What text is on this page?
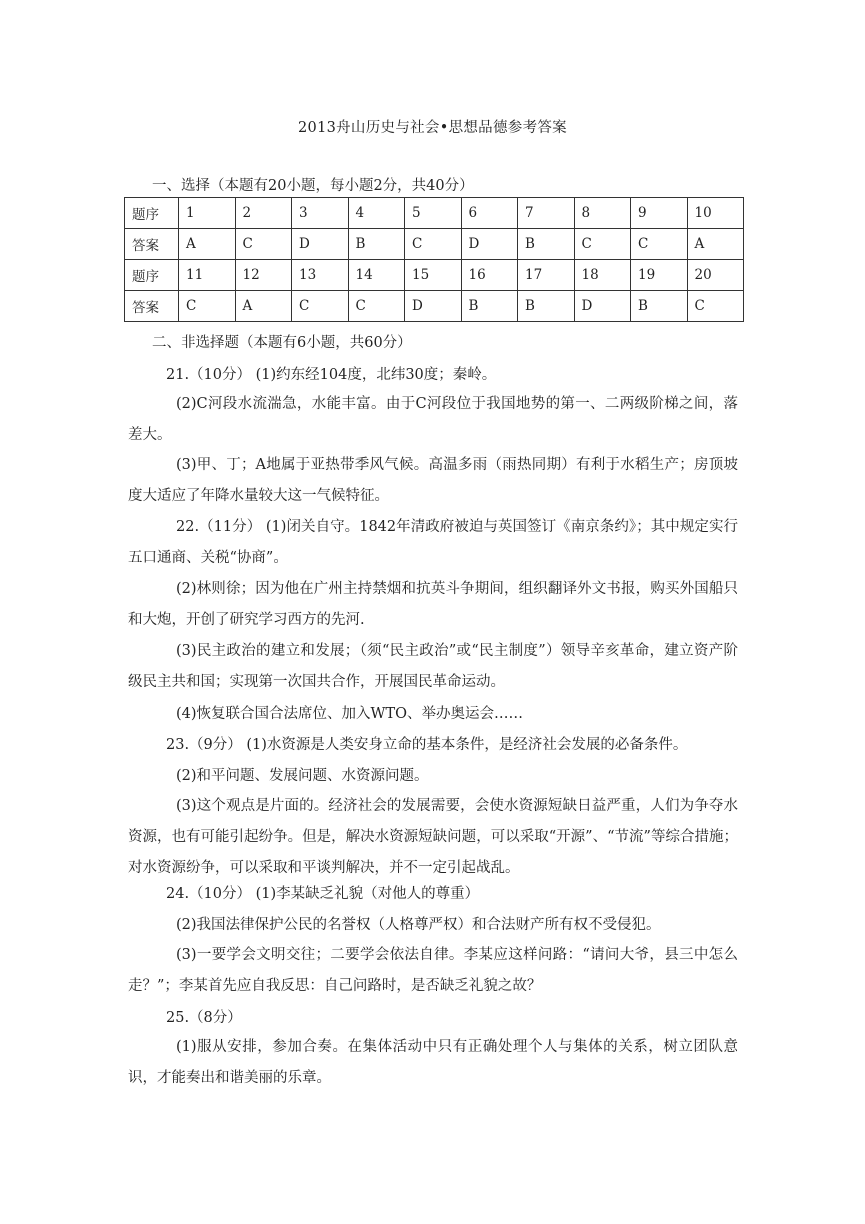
2013舟山历史与社会•思想品德参考答案
一、选择（本题有20小题，每小题2分，共40分）
题序	1	2	3	4	5	6	7	8	9	10
答案	A	C	D	B	C	D	B	C	C	A
题序	11	12	13	14	15	16	17	18	19	20
答案	C	A	C	C	D	B	B	D	B	C
二、非选择题（本题有6小题，共60分）
21.（10分） (1)约东经104度，北纬30度；秦岭。
(2)C河段水流湍急，水能丰富。由于C河段位于我国地势的第一、二两级阶梯之间，落差大。
(3)甲、丁；A地属于亚热带季风气候。高温多雨（雨热同期）有利于水稻生产；房顶坡度大适应了年降水量较大这一气候特征。
22.（11分） (1)闭关自守。1842年清政府被迫与英国签订《南京条约》；其中规定实行五口通商、关税“协商”。
(2)林则徐；因为他在广州主持禁烟和抗英斗争期间，组织翻译外文书报，购买外国船只和大炮，开创了研究学习西方的先河.
(3)民主政治的建立和发展；（须“民主政治”或“民主制度”）领导辛亥革命，建立资产阶级民主共和国；实现第一次国共合作，开展国民革命运动。
(4)恢复联合国合法席位、加入WTO、举办奥运会……
23.（9分） (1)水资源是人类安身立命的基本条件，是经济社会发展的必备条件。
(2)和平问题、发展问题、水资源问题。
(3)这个观点是片面的。经济社会的发展需要，会使水资源短缺日益严重，人们为争夺水资源，也有可能引起纷争。但是，解决水资源短缺问题，可以采取“开源”、“节流”等综合措施；对水资源纷争，可以采取和平谈判解决，并不一定引起战乱。
24.（10分） (1)李某缺乏礼貌（对他人的尊重）
(2)我国法律保护公民的名誉权（人格尊严权）和合法财产所有权不受侵犯。
(3)一要学会文明交往；二要学会依法自律。李某应这样问路：“请问大爷，县三中怎么走？”；李某首先应自我反思：自己问路时，是否缺乏礼貌之故？
25.（8分）
(1)服从安排，参加合奏。在集体活动中只有正确处理个人与集体的关系，树立团队意识，才能奏出和谐美丽的乐章。
